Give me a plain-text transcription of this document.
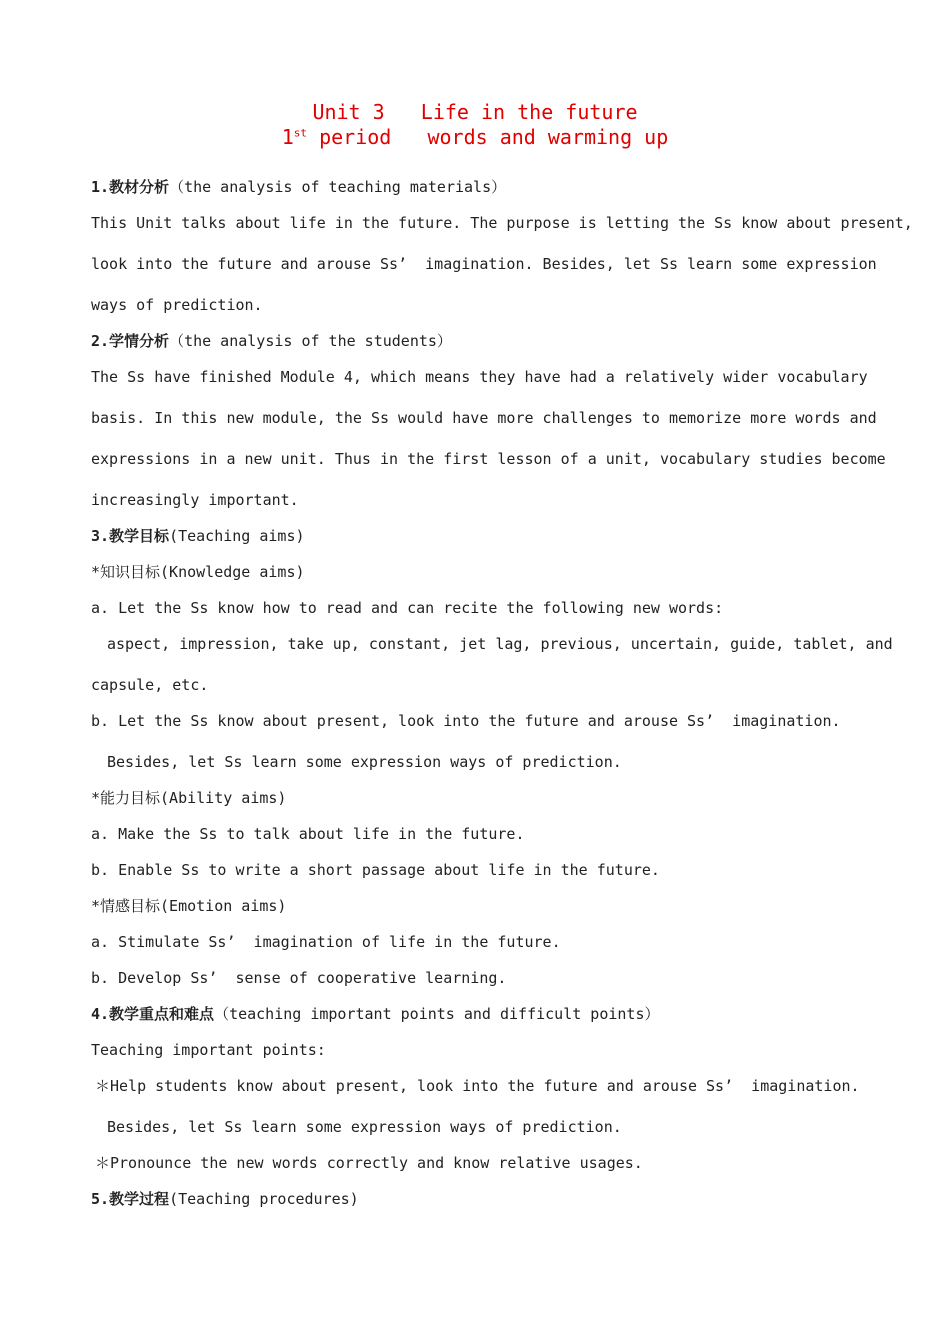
Unit 3   Life in the future
1st period   words and warming up
1.教材分析（the analysis of teaching materials）
This Unit talks about life in the future. The purpose is letting the Ss know about present,
look into the future and arouse Ss’  imagination. Besides, let Ss learn some expression
ways of prediction.
2.学情分析（the analysis of the students）
The Ss have finished Module 4, which means they have had a relatively wider vocabulary
basis. In this new module, the Ss would have more challenges to memorize more words and
expressions in a new unit. Thus in the first lesson of a unit, vocabulary studies become
increasingly important.
3.教学目标(Teaching aims)
*知识目标(Knowledge aims)
a. Let the Ss know how to read and can recite the following new words:
aspect, impression, take up, constant, jet lag, previous, uncertain, guide, tablet, and
capsule, etc.
b. Let the Ss know about present, look into the future and arouse Ss’  imagination.
Besides, let Ss learn some expression ways of prediction.
*能力目标(Ability aims)
a. Make the Ss to talk about life in the future.
b. Enable Ss to write a short passage about life in the future.
*情感目标(Emotion aims)
a. Stimulate Ss’  imagination of life in the future.
b. Develop Ss’  sense of cooperative learning.
4.教学重点和难点（teaching important points and difficult points）
Teaching important points:
＊Help students know about present, look into the future and arouse Ss’  imagination.
Besides, let Ss learn some expression ways of prediction.
＊Pronounce the new words correctly and know relative usages.
5.教学过程(Teaching procedures)
